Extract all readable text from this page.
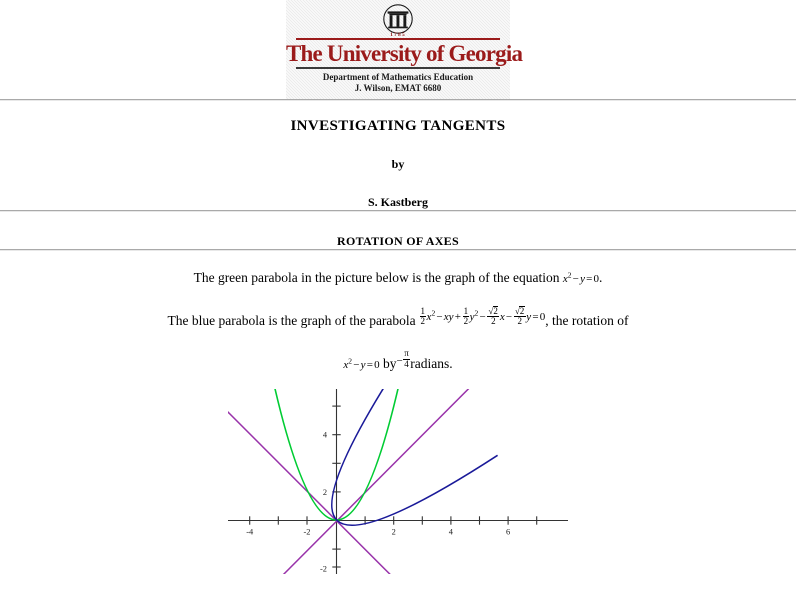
1785
The University of Georgia
Department of Mathematics Education
J. Wilson, EMAT 6680
INVESTIGATING TANGENTS
by
S. Kastberg
ROTATION OF AXES
The green parabola in the picture below is the graph of the equation $x^2-y=0$.
The blue parabola is the graph of the parabola $^{\frac{1}{2} x^2-xy+ \frac{1}{2} y^2- \frac{√2}{2} x- \frac{√2}{2} y=0}$, the rotation of
$x^2-y=0$ $by^{- \frac{\pi}{4}}$ radians.
-4	-2	2	4	6
4
2
-2
